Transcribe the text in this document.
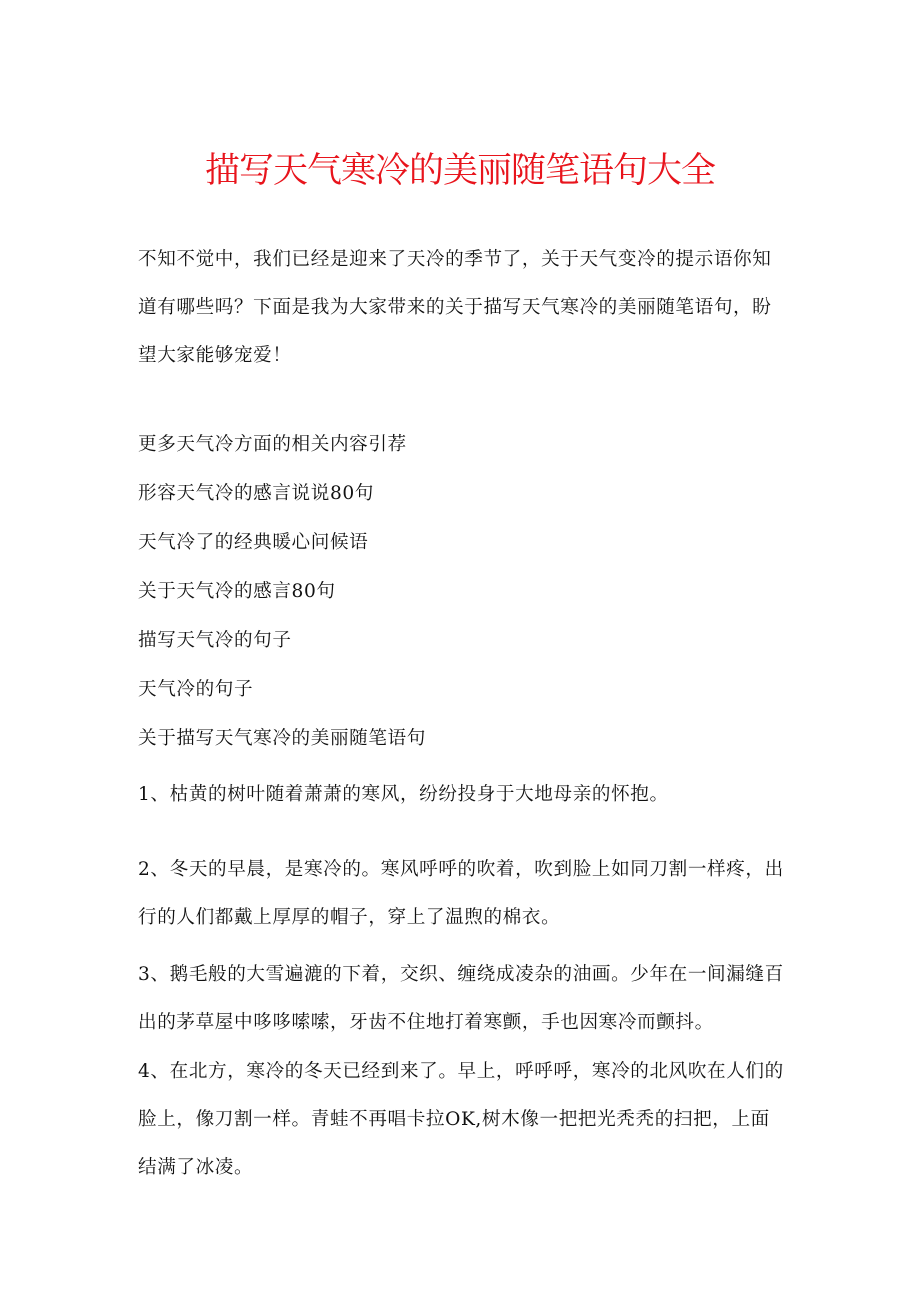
描写天气寒冷的美丽随笔语句大全
不知不觉中，我们已经是迎来了天冷的季节了，关于天气变冷的提示语你知道有哪些吗？下面是我为大家带来的关于描写天气寒冷的美丽随笔语句，盼望大家能够宠爱！
更多天气冷方面的相关内容引荐
形容天气冷的感言说说80句
天气冷了的经典暖心问候语
关于天气冷的感言80句
描写天气冷的句子
天气冷的句子
关于描写天气寒冷的美丽随笔语句
1、枯黄的树叶随着萧萧的寒风，纷纷投身于大地母亲的怀抱。
2、冬天的早晨，是寒冷的。寒风呼呼的吹着，吹到脸上如同刀割一样疼，出行的人们都戴上厚厚的帽子，穿上了温煦的棉衣。
3、鹅毛般的大雪遍漉的下着，交织、缠绕成凌杂的油画。少年在一间漏缝百出的茅草屋中哆哆嗦嗦，牙齿不住地打着寒颤，手也因寒冷而颤抖。
4、在北方，寒冷的冬天已经到来了。早上，呼呼呼，寒冷的北风吹在人们的脸上，像刀割一样。青蛙不再唱卡拉OK,树木像一把把光秃秃的扫把，上面结满了冰凌。
